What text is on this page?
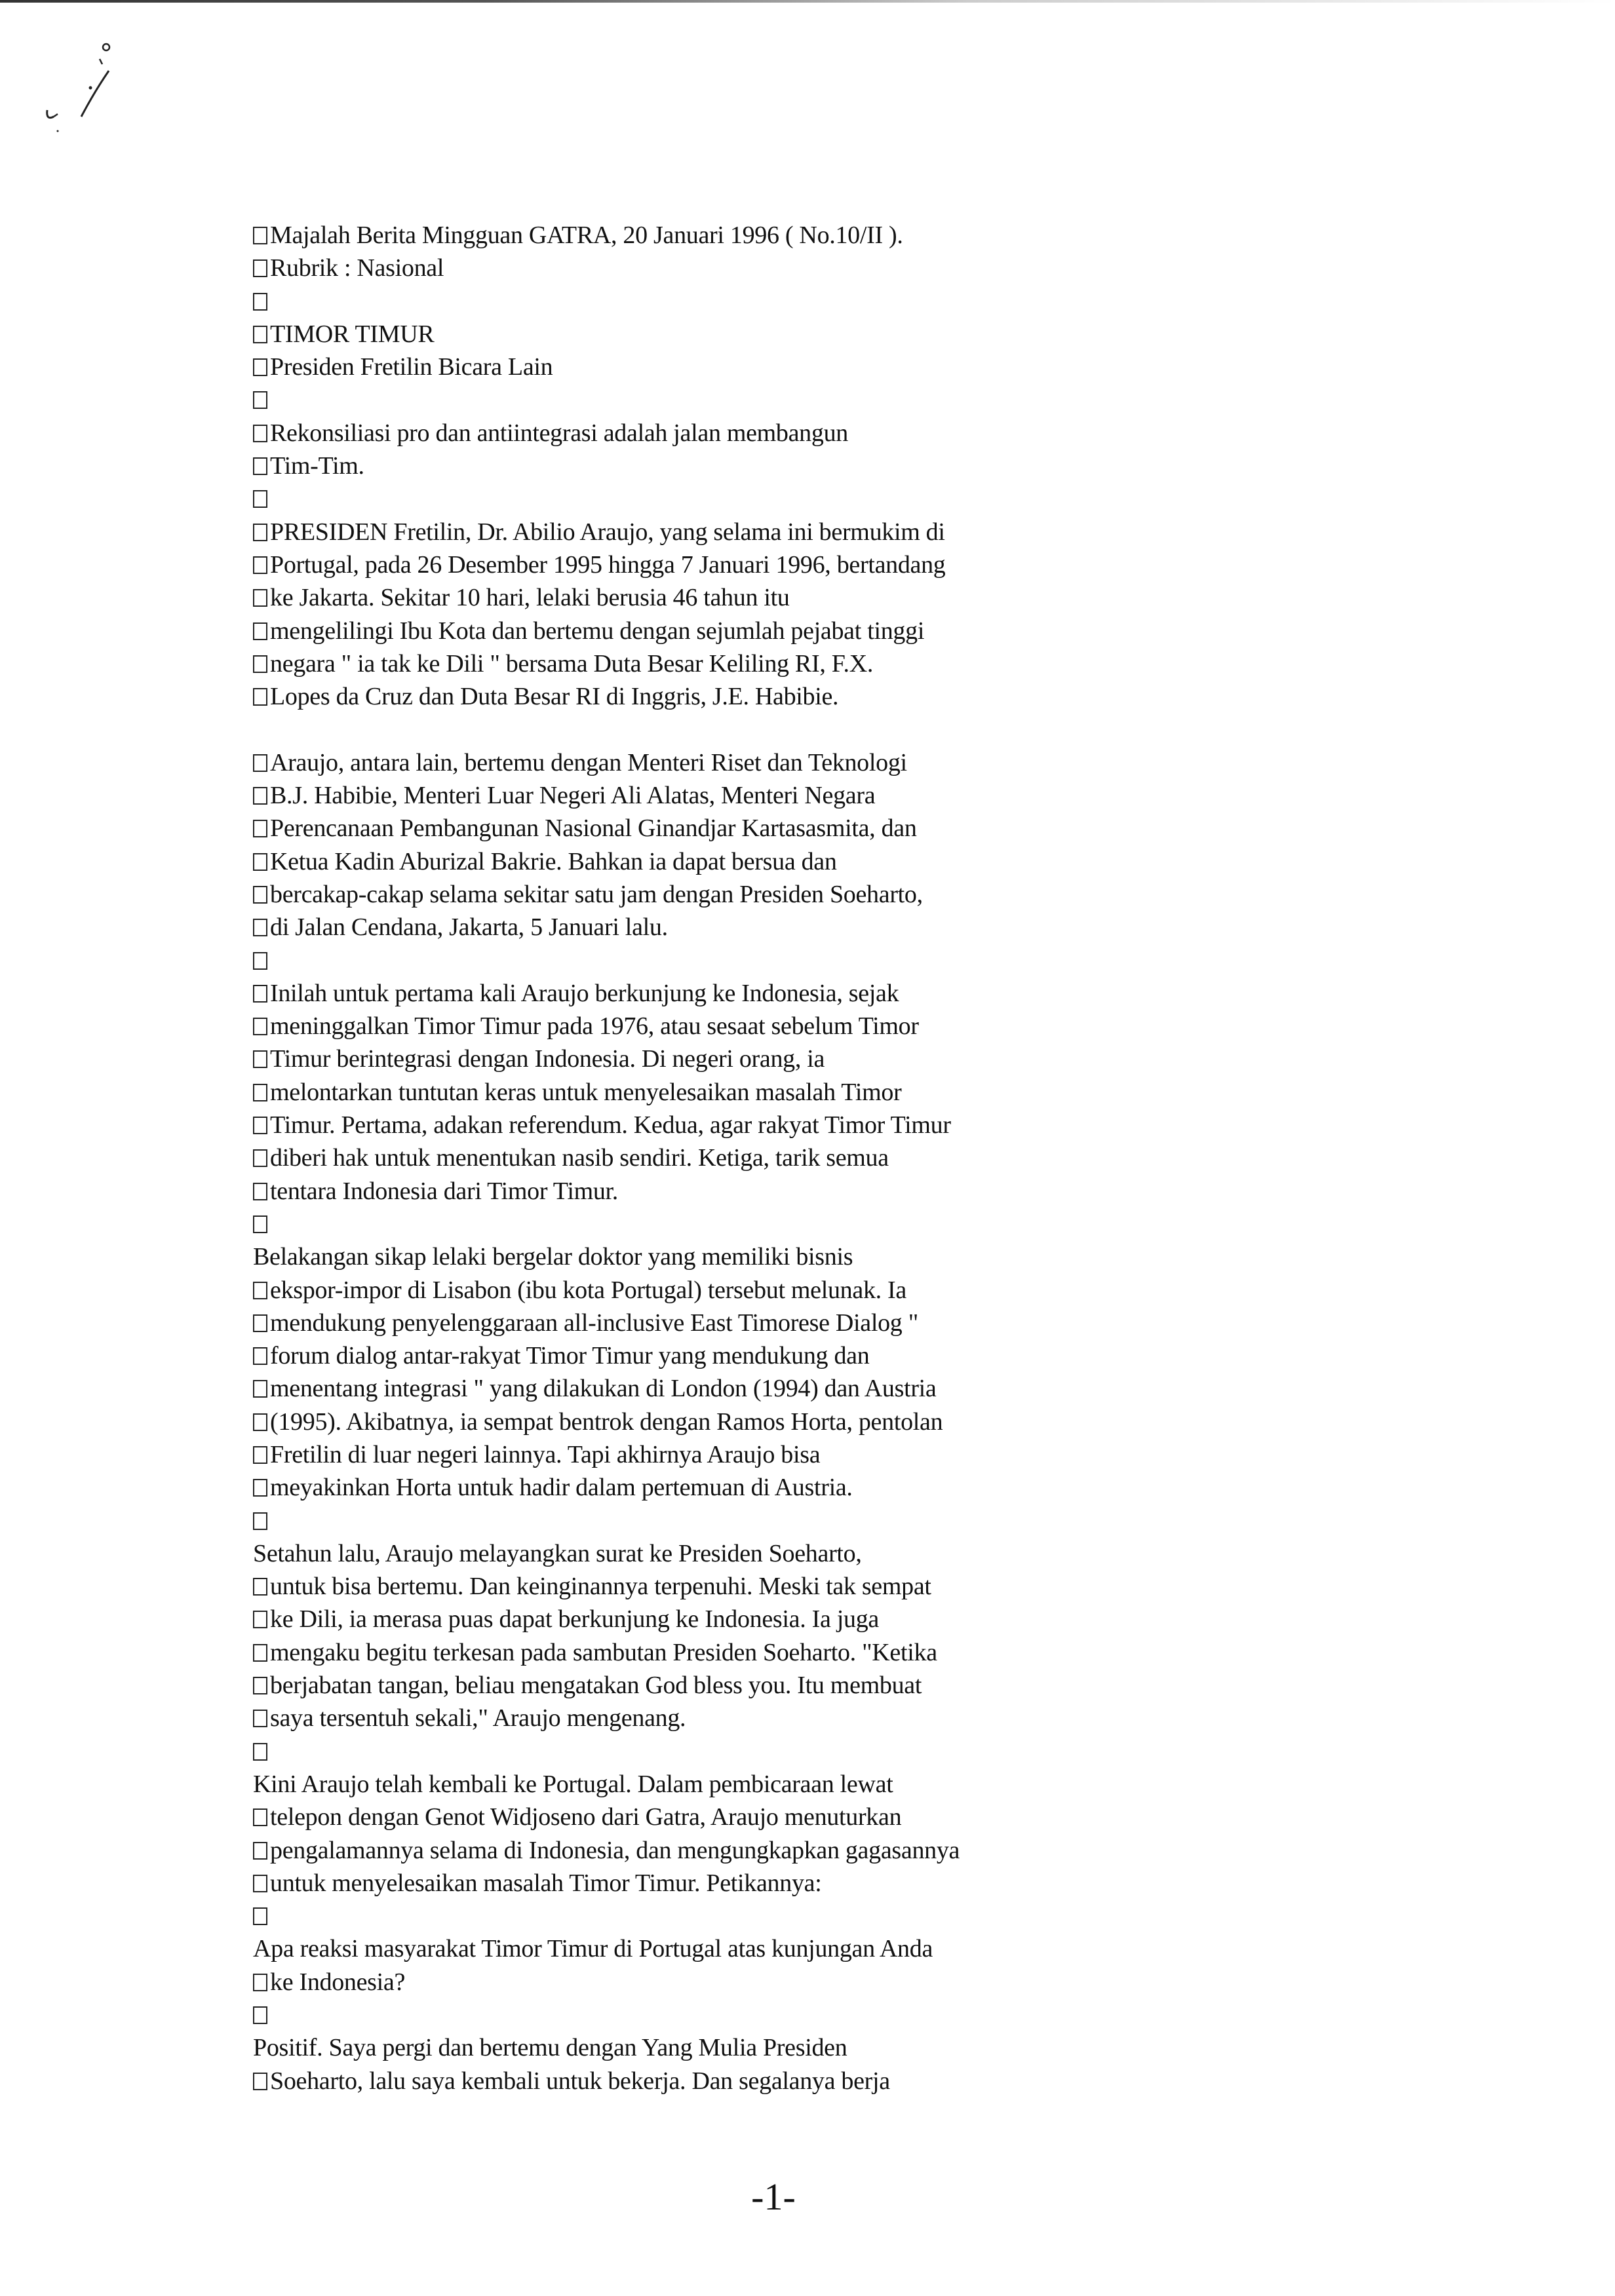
Majalah Berita Mingguan GATRA, 20 Januari 1996 ( No.10/II ).
Rubrik : Nasional
TIMOR TIMUR
Presiden Fretilin Bicara Lain
Rekonsiliasi pro dan antiintegrasi adalah jalan membangun
Tim-Tim.
PRESIDEN Fretilin, Dr. Abilio Araujo, yang selama ini bermukim di
Portugal, pada 26 Desember 1995 hingga 7 Januari 1996, bertandang
ke Jakarta. Sekitar 10 hari, lelaki berusia 46 tahun itu
mengelilingi Ibu Kota dan bertemu dengan sejumlah pejabat tinggi
negara " ia tak ke Dili " bersama Duta Besar Keliling RI, F.X.
Lopes da Cruz dan Duta Besar RI di Inggris, J.E. Habibie.
Araujo, antara lain, bertemu dengan Menteri Riset dan Teknologi
B.J. Habibie, Menteri Luar Negeri Ali Alatas, Menteri Negara
Perencanaan Pembangunan Nasional Ginandjar Kartasasmita, dan
Ketua Kadin Aburizal Bakrie. Bahkan ia dapat bersua dan
bercakap-cakap selama sekitar satu jam dengan Presiden Soeharto,
di Jalan Cendana, Jakarta, 5 Januari lalu.
Inilah untuk pertama kali Araujo berkunjung ke Indonesia, sejak
meninggalkan Timor Timur pada 1976, atau sesaat sebelum Timor
Timur berintegrasi dengan Indonesia. Di negeri orang, ia
melontarkan tuntutan keras untuk menyelesaikan masalah Timor
Timur. Pertama, adakan referendum. Kedua, agar rakyat Timor Timur
diberi hak untuk menentukan nasib sendiri. Ketiga, tarik semua
tentara Indonesia dari Timor Timur.
Belakangan sikap lelaki bergelar doktor yang memiliki bisnis
ekspor-impor di Lisabon (ibu kota Portugal) tersebut melunak. Ia
mendukung penyelenggaraan all-inclusive East Timorese Dialog "
forum dialog antar-rakyat Timor Timur yang mendukung dan
menentang integrasi " yang dilakukan di London (1994) dan Austria
(1995). Akibatnya, ia sempat bentrok dengan Ramos Horta, pentolan
Fretilin di luar negeri lainnya. Tapi akhirnya Araujo bisa
meyakinkan Horta untuk hadir dalam pertemuan di Austria.
Setahun lalu, Araujo melayangkan surat ke Presiden Soeharto,
untuk bisa bertemu. Dan keinginannya terpenuhi. Meski tak sempat
ke Dili, ia merasa puas dapat berkunjung ke Indonesia. Ia juga
mengaku begitu terkesan pada sambutan Presiden Soeharto. "Ketika
berjabatan tangan, beliau mengatakan God bless you. Itu membuat
saya tersentuh sekali," Araujo mengenang.
Kini Araujo telah kembali ke Portugal. Dalam pembicaraan lewat
telepon dengan Genot Widjoseno dari Gatra, Araujo menuturkan
pengalamannya selama di Indonesia, dan mengungkapkan gagasannya
untuk menyelesaikan masalah Timor Timur. Petikannya:
Apa reaksi masyarakat Timor Timur di Portugal atas kunjungan Anda
ke Indonesia?
Positif. Saya pergi dan bertemu dengan Yang Mulia Presiden
Soeharto, lalu saya kembali untuk bekerja. Dan segalanya berja
-1-
